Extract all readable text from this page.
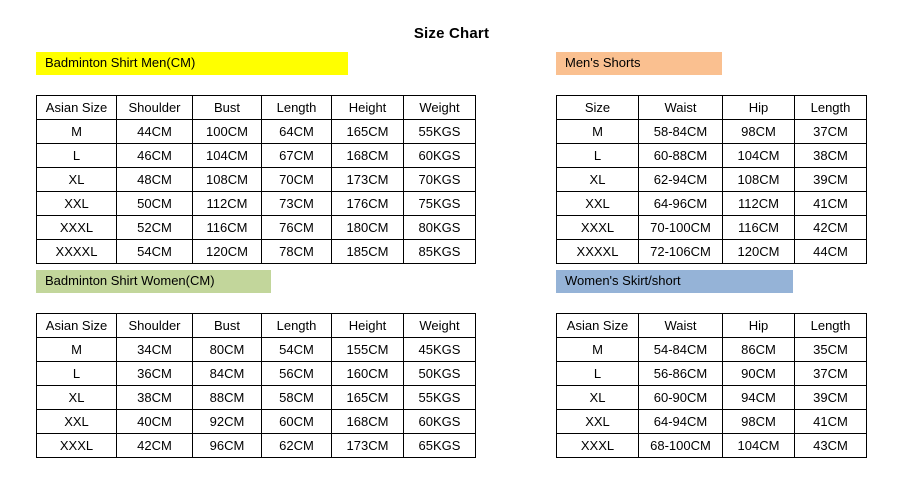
Size Chart
Badminton Shirt Men(CM)
Asian Size	Shoulder	Bust	Length	Height	Weight
M	44CM	100CM	64CM	165CM	55KGS
L	46CM	104CM	67CM	168CM	60KGS
XL	48CM	108CM	70CM	173CM	70KGS
XXL	50CM	112CM	73CM	176CM	75KGS
XXXL	52CM	116CM	76CM	180CM	80KGS
XXXXL	54CM	120CM	78CM	185CM	85KGS
Men's Shorts
Size	Waist	Hip	Length
M	58-84CM	98CM	37CM
L	60-88CM	104CM	38CM
XL	62-94CM	108CM	39CM
XXL	64-96CM	112CM	41CM
XXXL	70-100CM	116CM	42CM
XXXXL	72-106CM	120CM	44CM
Badminton Shirt Women(CM)
Asian Size	Shoulder	Bust	Length	Height	Weight
M	34CM	80CM	54CM	155CM	45KGS
L	36CM	84CM	56CM	160CM	50KGS
XL	38CM	88CM	58CM	165CM	55KGS
XXL	40CM	92CM	60CM	168CM	60KGS
XXXL	42CM	96CM	62CM	173CM	65KGS
Women's Skirt/short
Asian Size	Waist	Hip	Length
M	54-84CM	86CM	35CM
L	56-86CM	90CM	37CM
XL	60-90CM	94CM	39CM
XXL	64-94CM	98CM	41CM
XXXL	68-100CM	104CM	43CM
